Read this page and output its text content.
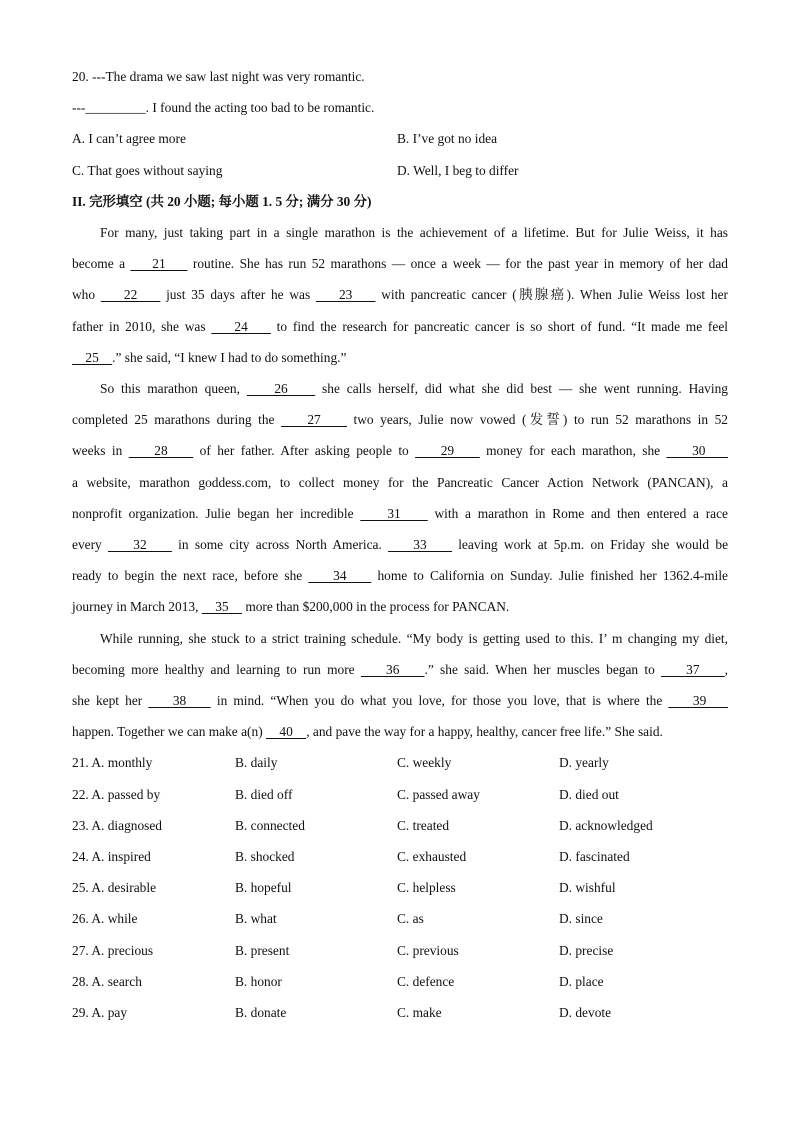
20. ---The drama we saw last night was very romantic.
---_________. I found the acting too bad to be romantic.
A. I can’t agree more	B. I’ve got no idea
C. That goes without saying	D. Well, I beg to differ
II. 完形填空 (共 20 小题; 每小题 1. 5 分; 满分 30 分)
For many, just taking part in a single marathon is the achievement of a lifetime. But for Julie Weiss, it has
become a     21     routine. She has run 52 marathons — once a week — for the past year in memory of her dad
who     22     just 35 days after he was     23     with pancreatic cancer (胰腺癌). When Julie Weiss lost her
father in 2010, she was     24     to find the research for pancreatic cancer is so short of fund. “It made me feel
25    .” she said, “I knew I had to do something.”
So this marathon queen,     26     she calls herself, did what she did best — she went running. Having
completed 25 marathons during the     27     two years, Julie now vowed (发誓) to run 52 marathons in 52
weeks in     28     of her father. After asking people to     29     money for each marathon, she     30
a website, marathon goddess.com, to collect money for the Pancreatic Cancer Action Network (PANCAN), a
nonprofit organization. Julie began her incredible     31     with a marathon in Rome and then entered a race
every     32     in some city across North America.     33     leaving work at 5p.m. on Friday she would be
ready to begin the next race, before she     34     home to California on Sunday. Julie finished her 1362.4-mile
journey in March 2013,     35     more than $200,000 in the process for PANCAN.
While running, she stuck to a strict training schedule. “My body is getting used to this. I’ m changing my diet,
becoming more healthy and learning to run more     36    .” she said. When her muscles began to     37    ,
she kept her     38     in mind. “When you do what you love, for those you love, that is where the     39
happen. Together we can make a(n)     40    , and pave the way for a happy, healthy, cancer free life.” She said.
21. A. monthly	B. daily	C. weekly	D. yearly
22. A. passed by	B. died off	C. passed away	D. died out
23. A. diagnosed	B. connected	C. treated	D. acknowledged
24. A. inspired	B. shocked	C. exhausted	D. fascinated
25. A. desirable	B. hopeful	C. helpless	D. wishful
26. A. while	B. what	C. as	D. since
27. A. precious	B. present	C. previous	D. precise
28. A. search	B. honor	C. defence	D. place
29. A. pay	B. donate	C. make	D. devote
